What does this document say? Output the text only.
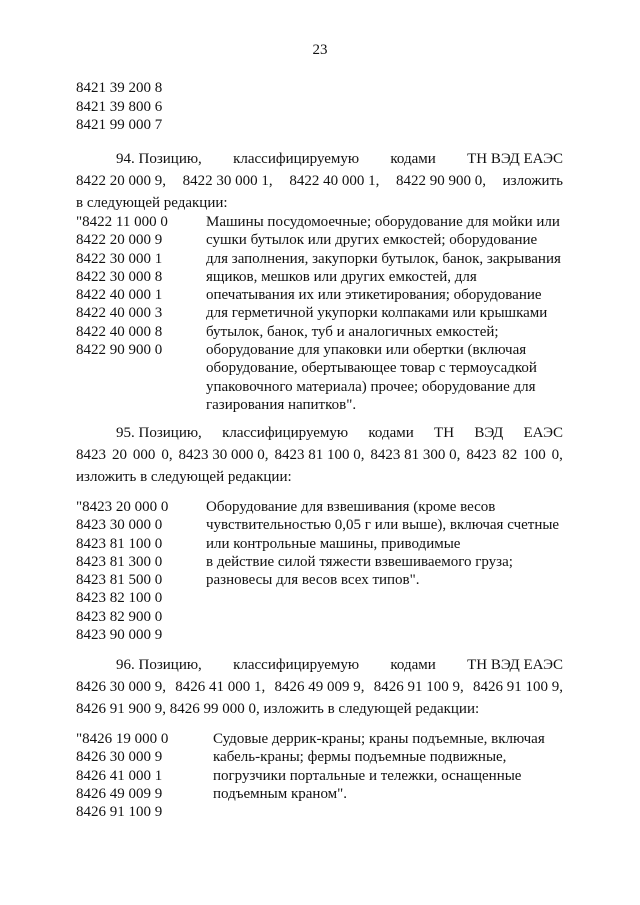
23
8421 39 200 8
8421 39 800 6
8421 99 000 7
94. Позицию, классифицируемую кодами ТН ВЭД ЕАЭС
8422 20 000 9, 8422 30 000 1, 8422 40 000 1, 8422 90 900 0, изложить
в следующей редакции:
"8422 11 000 0
8422 20 000 9
8422 30 000 1
8422 30 000 8
8422 40 000 1
8422 40 000 3
8422 40 000 8
8422 90 900 0
Машины посудомоечные; оборудование для мойки или
сушки бутылок или других емкостей; оборудование
для заполнения, закупорки бутылок, банок, закрывания
ящиков, мешков или других емкостей, для
опечатывания их или этикетирования; оборудование
для герметичной укупорки колпаками или крышками
бутылок, банок, туб и аналогичных емкостей;
оборудование для упаковки или обертки (включая
оборудование, обертывающее товар с термоусадкой
упаковочного материала) прочее; оборудование для
газирования напитков".
95. Позицию, классифицируемую кодами ТН ВЭД ЕАЭС
8423 20 000 0, 8423 30 000 0, 8423 81 100 0, 8423 81 300 0, 8423 82 100 0,
изложить в следующей редакции:
"8423 20 000 0
8423 30 000 0
8423 81 100 0
8423 81 300 0
8423 81 500 0
8423 82 100 0
8423 82 900 0
8423 90 000 9
Оборудование для взвешивания (кроме весов
чувствительностью 0,05 г или выше), включая счетные
или контрольные машины, приводимые
в действие силой тяжести взвешиваемого груза;
разновесы для весов всех типов".
96. Позицию, классифицируемую кодами ТН ВЭД ЕАЭС
8426 30 000 9, 8426 41 000 1, 8426 49 009 9, 8426 91 100 9, 8426 91 100 9,
8426 91 900 9, 8426 99 000 0, изложить в следующей редакции:
"8426 19 000 0
8426 30 000 9
8426 41 000 1
8426 49 009 9
8426 91 100 9
Судовые деррик-краны; краны подъемные, включая
кабель-краны; фермы подъемные подвижные,
погрузчики портальные и тележки, оснащенные
подъемным краном".
